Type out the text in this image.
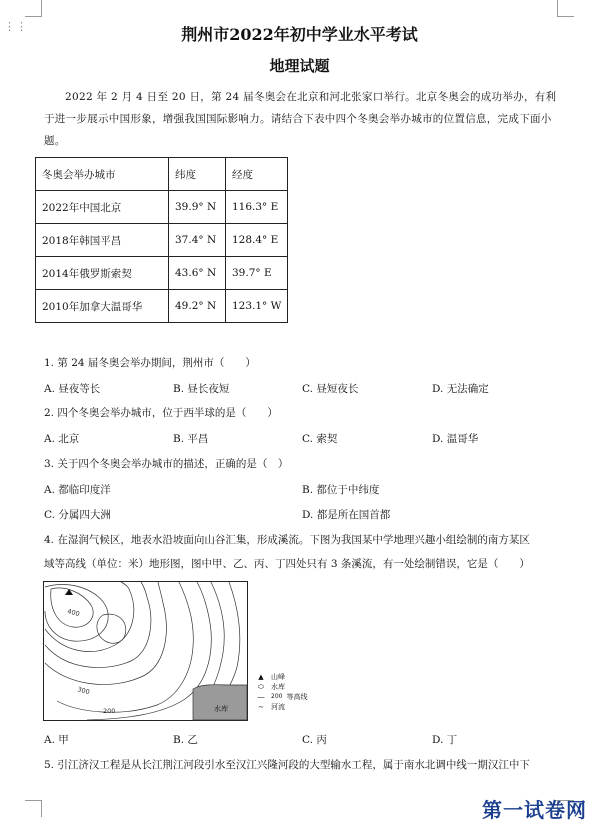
⋮⋮	荆州市2022年初中学业水平考试
地理试题
2022 年 2 月 4 日至 20 日，第 24 届冬奥会在北京和河北张家口举行。北京冬奥会的成功举办，有利于进一步展示中国形象，增强我国国际影响力。请结合下表中四个冬奥会举办城市的位置信息，完成下面小题。
冬奥会举办城市	纬度	经度
2022年中国北京	39.9° N	116.3° E
2018年韩国平昌	37.4° N	128.4° E
2014年俄罗斯索契	43.6° N	39.7° E
2010年加拿大温哥华	49.2° N	123.1° W
1. 第 24 届冬奥会举办期间，荆州市（　　）
A. 昼夜等长	B. 昼长夜短	C. 昼短夜长	D. 无法确定
2. 四个冬奥会举办城市，位于西半球的是（　　）
A. 北京	B. 平昌	C. 索契	D. 温哥华
3. 关于四个冬奥会举办城市的描述，正确的是（　）
A. 都临印度洋	B. 都位于中纬度
C. 分属四大洲	D. 都是所在国首都
4. 在湿润气候区，地表水沿坡面向山谷汇集，形成溪流。下图为我国某中学地理兴趣小组绘制的南方某区
域等高线（单位：米）地形图，图中甲、乙、丙、丁四处只有 3 条溪流，有一处绘制错误，它是（　　）
水库
400
300
200
▲	山峰
⬭	水库
―	200 等高线
∼	河流
A. 甲	B. 乙	C. 丙	D. 丁
5. 引江济汉工程是从长江荆江河段引水至汉江兴隆河段的大型输水工程，属于南水北调中线一期汉江中下
第一试卷网
